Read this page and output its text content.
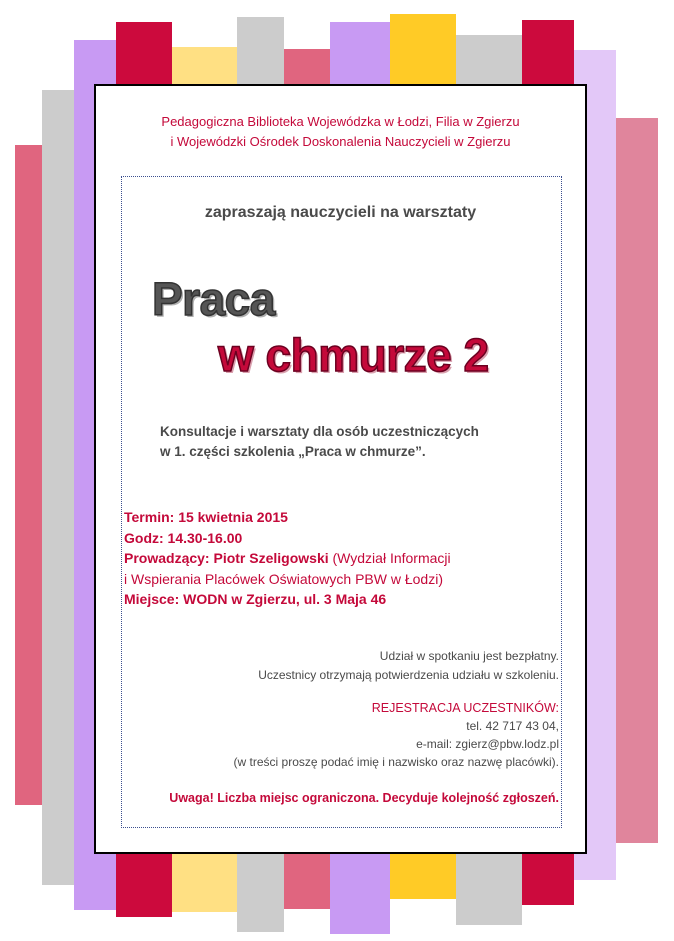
Pedagogiczna Biblioteka Wojewódzka w Łodzi, Filia w Zgierzu
i Wojewódzki Ośrodek Doskonalenia Nauczycieli w Zgierzu
zapraszają nauczycieli na warsztaty
Praca
w chmurze 2
Konsultacje i warsztaty dla osób uczestniczących
w 1. części szkolenia „Praca w chmurze”.
Termin: 15 kwietnia 2015
Godz: 14.30-16.00
Prowadzący: Piotr Szeligowski (Wydział Informacji
i Wspierania Placówek Oświatowych PBW w Łodzi)
Miejsce: WODN w Zgierzu, ul. 3 Maja 46
Udział w spotkaniu jest bezpłatny.
Uczestnicy otrzymają potwierdzenia udziału w szkoleniu.
REJESTRACJA UCZESTNIKÓW:
tel. 42 717 43 04,
e-mail: zgierz@pbw.lodz.pl
(w treści proszę podać imię i nazwisko oraz nazwę placówki).
Uwaga! Liczba miejsc ograniczona. Decyduje kolejność zgłoszeń.
